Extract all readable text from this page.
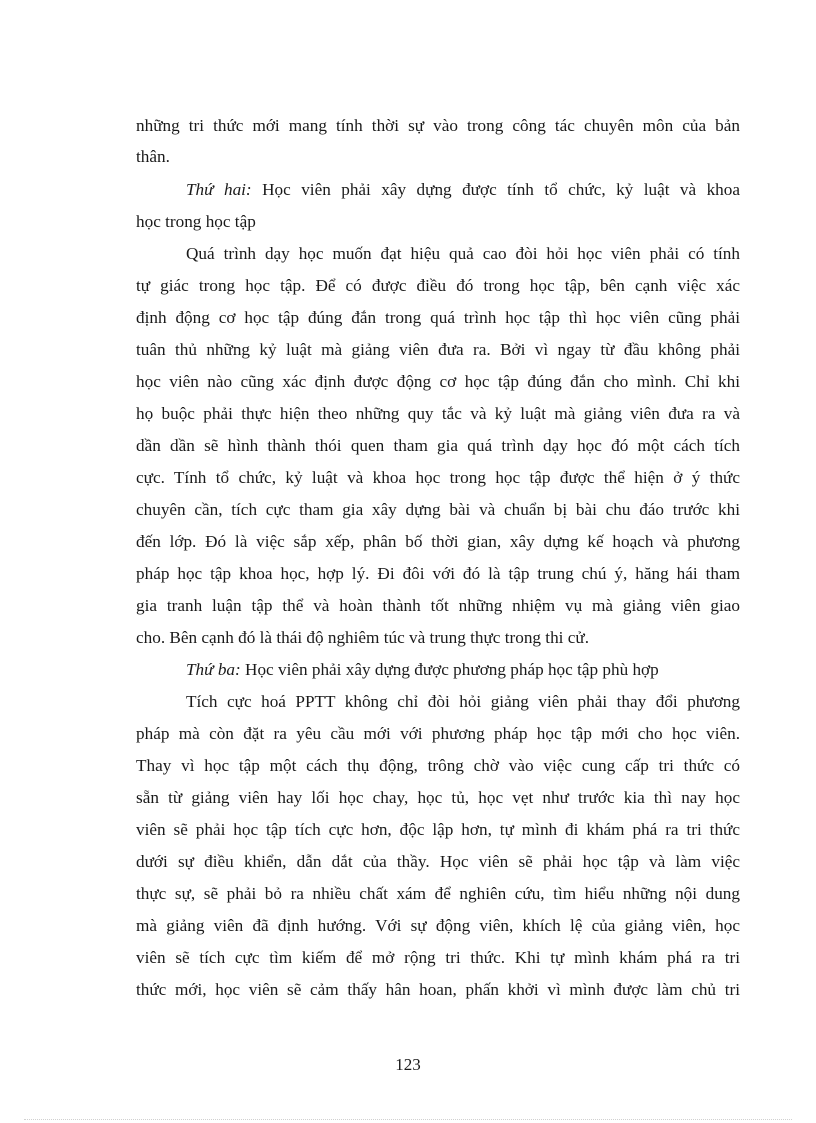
những tri thức mới mang tính thời sự vào trong công tác chuyên môn của bản
thân.
Thứ hai: Học viên phải xây dựng được tính tổ chức, kỷ luật và khoa
học trong học tập
Quá trình dạy học muốn đạt hiệu quả cao đòi hỏi học viên phải có tính
tự giác trong học tập. Để có được điều đó trong học tập, bên cạnh việc xác
định động cơ học tập đúng đắn trong quá trình học tập thì học viên cũng phải
tuân thủ những kỷ luật mà giảng viên đưa ra. Bởi vì ngay từ đầu không phải
học viên nào cũng xác định được động cơ học tập đúng đắn cho mình. Chỉ khi
họ buộc phải thực hiện theo những quy tắc và kỷ luật mà giảng viên đưa ra và
dần dần sẽ hình thành thói quen tham gia quá trình dạy học đó một cách tích
cực. Tính tổ chức, kỷ luật và khoa học trong học tập được thể hiện ở ý thức
chuyên cần, tích cực tham gia xây dựng bài và chuẩn bị bài chu đáo trước khi
đến lớp. Đó là việc sắp xếp, phân bố thời gian, xây dựng kế hoạch và phương
pháp học tập khoa học, hợp lý. Đi đôi với đó là tập trung chú ý, hăng hái tham
gia tranh luận tập thể và hoàn thành tốt những nhiệm vụ mà giảng viên giao
cho. Bên cạnh đó là thái độ nghiêm túc và trung thực trong thi cử.
Thứ ba: Học viên phải xây dựng được phương pháp học tập phù hợp
Tích cực hoá PPTT không chỉ đòi hỏi giảng viên phải thay đổi phương
pháp mà còn đặt ra yêu cầu mới với phương pháp học tập mới cho học viên.
Thay vì học tập một cách thụ động, trông chờ vào việc cung cấp tri thức có
sẵn từ giảng viên hay lối học chay, học tủ, học vẹt như trước kia thì nay học
viên sẽ phải học tập tích cực hơn, độc lập hơn, tự mình đi khám phá ra tri thức
dưới sự điều khiển, dẫn dắt của thầy. Học viên sẽ phải học tập và làm việc
thực sự, sẽ phải bỏ ra nhiều chất xám để nghiên cứu, tìm hiểu những nội dung
mà giảng viên đã định hướng. Với sự động viên, khích lệ của giảng viên, học
viên sẽ tích cực tìm kiếm để mở rộng tri thức. Khi tự mình khám phá ra tri
thức mới, học viên sẽ cảm thấy hân hoan, phấn khởi vì mình được làm chủ tri
123
